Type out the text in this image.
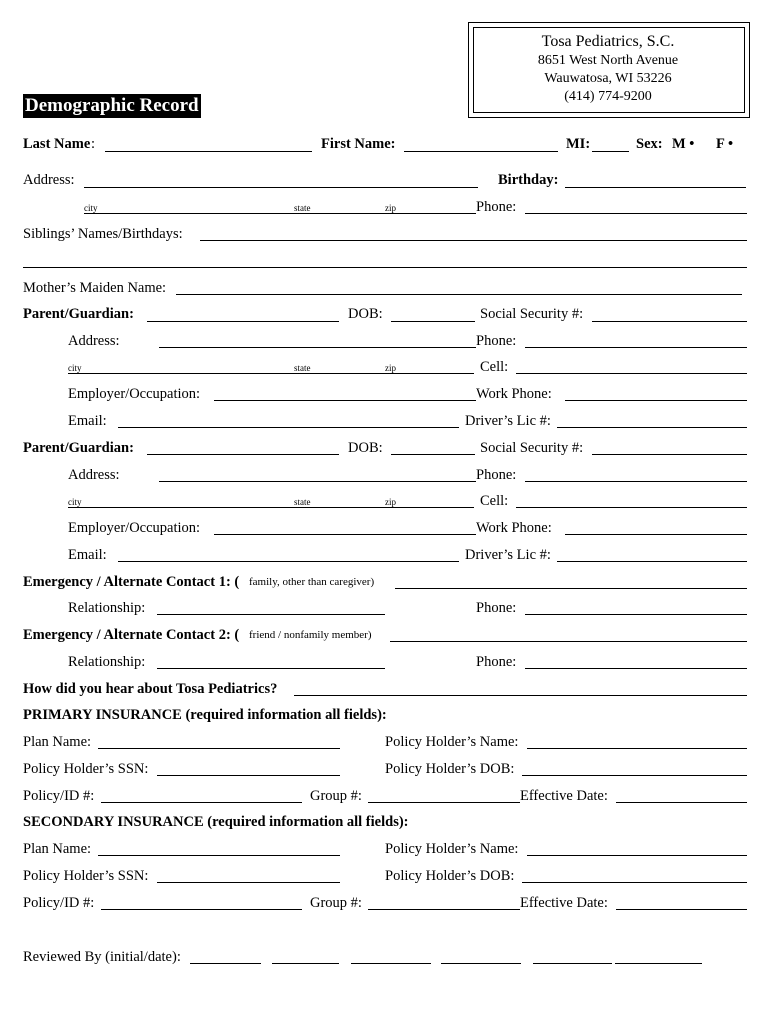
Tosa Pediatrics, S.C.
8651 West North Avenue
Wauwatosa, WI 53226
(414) 774-9200
Demographic Record
Last Name :	First Name:	MI:	Sex: M • F •
Address:	Birthday:
city	state	zip	Phone:
Siblings’ Names/Birthdays:
Mother’s Maiden Name:
Parent/Guardian:	DOB:	Social Security #:
Address:	Phone:
city	state	zip	Cell:
Employer/Occupation:	Work Phone:
Email:	Driver’s Lic #:
Parent/Guardian:	DOB:	Social Security #:
Address:	Phone:
city	state	zip	Cell:
Employer/Occupation:	Work Phone:
Email:	Driver’s Lic #:
Emergency / Alternate Contact 1: ( family, other than caregiver)
Relationship:	Phone:
Emergency / Alternate Contact 2: ( friend / nonfamily member)
Relationship:	Phone:
How did you hear about Tosa Pediatrics?
PRIMARY INSURANCE (required information all fields):
Plan Name:	Policy Holder’s Name:
Policy Holder’s SSN:	Policy Holder’s DOB:
Policy/ID #:	Group #:	Effective Date:
SECONDARY INSURANCE (required information all fields):
Plan Name:	Policy Holder’s Name:
Policy Holder’s SSN:	Policy Holder’s DOB:
Policy/ID #:	Group #:	Effective Date:
Reviewed By (initial/date):
